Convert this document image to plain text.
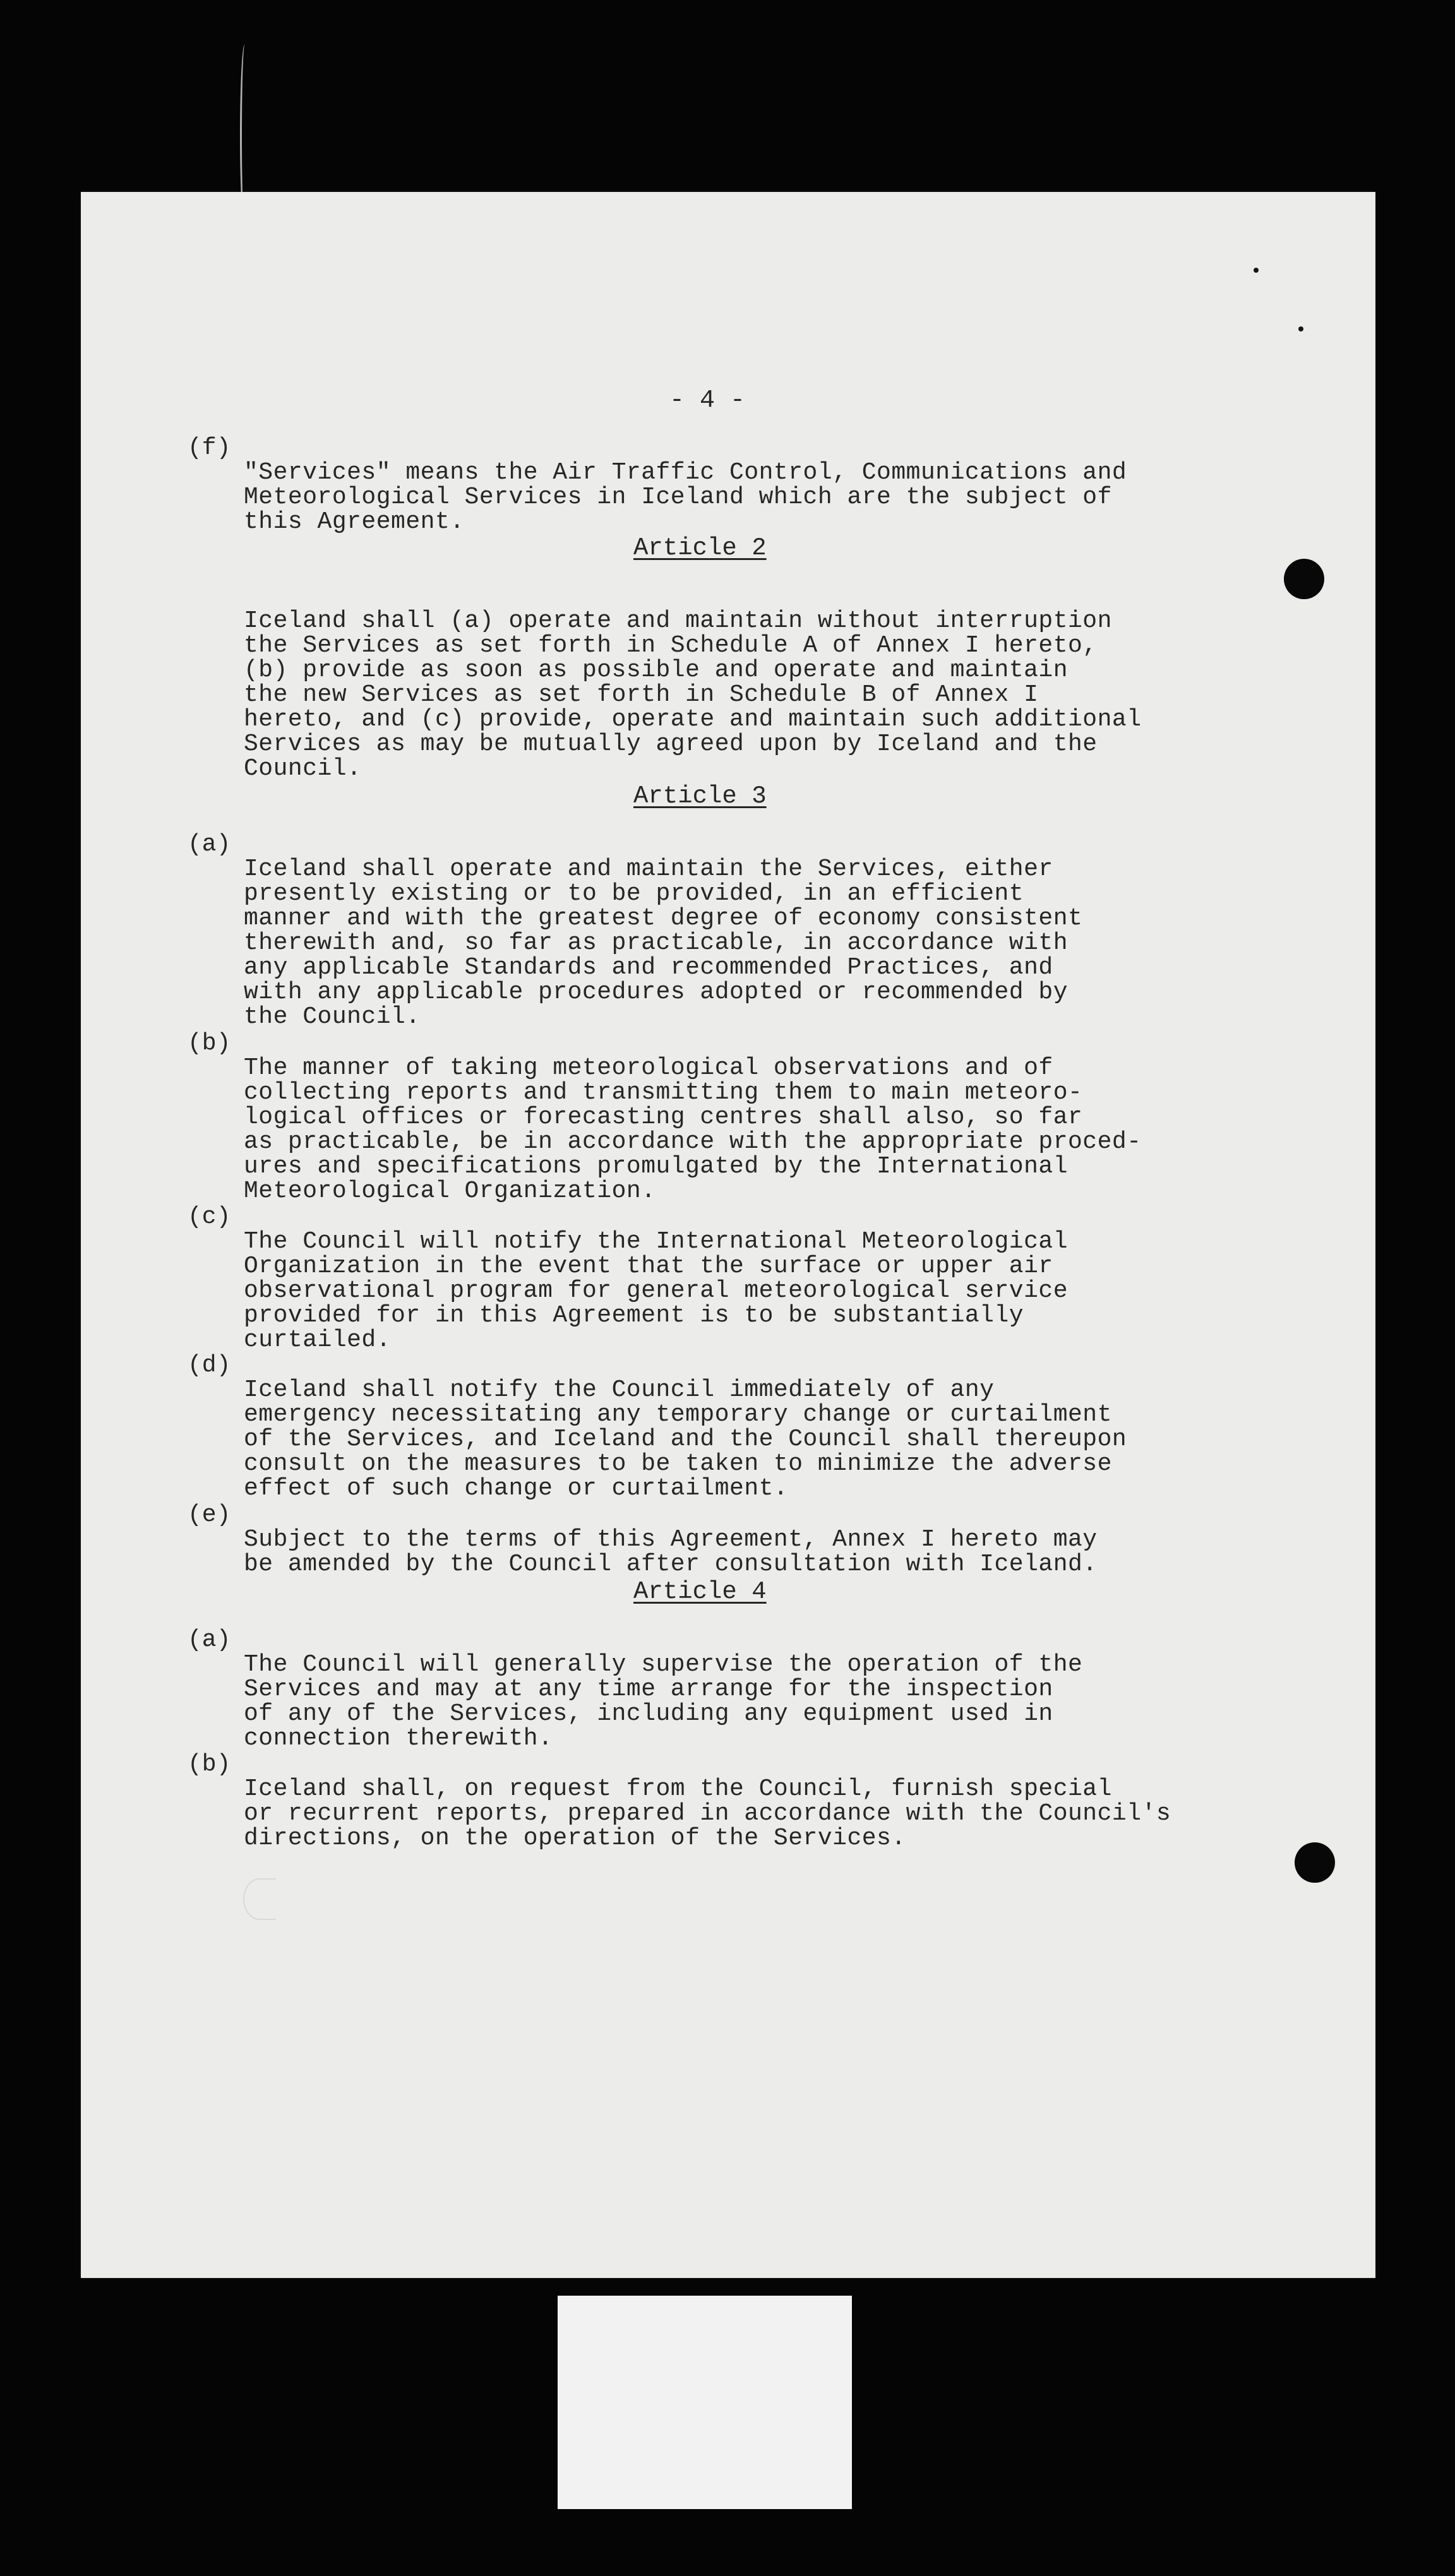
- 4 -
(f)

"Services" means the Air Traffic Control, Communications and
Meteorological Services in Iceland which are the subject of
this Agreement.

Article 2

Iceland shall (a) operate and maintain without interruption
the Services as set forth in Schedule A of Annex I hereto,
(b) provide as soon as possible and operate and maintain
the new Services as set forth in Schedule B of Annex I
hereto, and (c) provide, operate and maintain such additional
Services as may be mutually agreed upon by Iceland and the
Council.

Article 3
(a)

Iceland shall operate and maintain the Services, either
presently existing or to be provided, in an efficient
manner and with the greatest degree of economy consistent
therewith and, so far as practicable, in accordance with
any applicable Standards and recommended Practices, and
with any applicable procedures adopted or recommended by
the Council.

(b)

The manner of taking meteorological observations and of
collecting reports and transmitting them to main meteoro-
logical offices or forecasting centres shall also, so far
as practicable, be in accordance with the appropriate proced-
ures and specifications promulgated by the International
Meteorological Organization.

(c)

The Council will notify the International Meteorological
Organization in the event that the surface or upper air
observational program for general meteorological service
provided for in this Agreement is to be substantially
curtailed.

(d)

Iceland shall notify the Council immediately of any
emergency necessitating any temporary change or curtailment
of the Services, and Iceland and the Council shall thereupon
consult on the measures to be taken to minimize the adverse
effect of such change or curtailment.

(e)

Subject to the terms of this Agreement, Annex I hereto may
be amended by the Council after consultation with Iceland.

Article 4
(a)

The Council will generally supervise the operation of the
Services and may at any time arrange for the inspection
of any of the Services, including any equipment used in
connection therewith.

(b)

Iceland shall, on request from the Council, furnish special
or recurrent reports, prepared in accordance with the Council's
directions, on the operation of the Services.
